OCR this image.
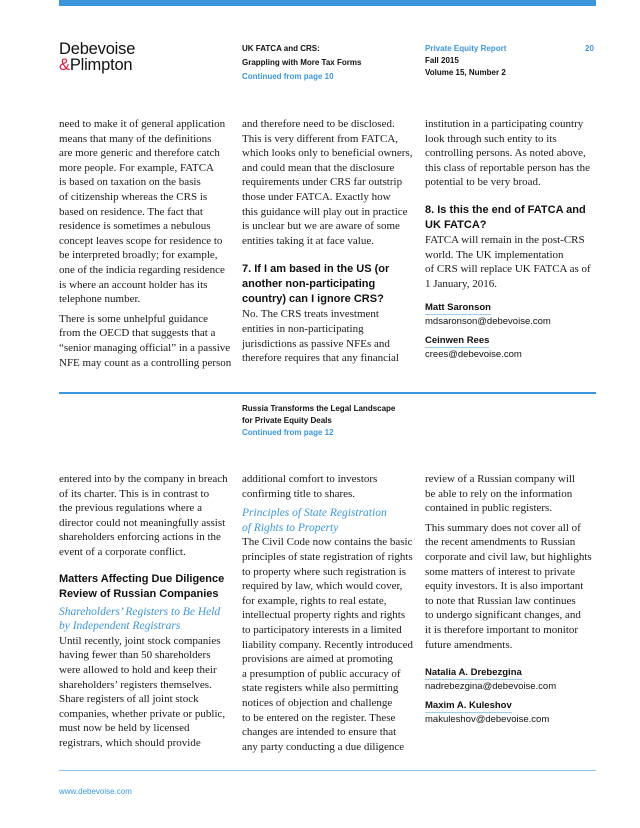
Debevoise
&Plimpton
UK FATCA and CRS:
Grappling with More Tax Forms
Continued from page 10
Private Equity Report
Fall 2015
Volume 15, Number 2
20

need to make it of general application
means that many of the definitions
are more generic and therefore catch
more people. For example, FATCA
is based on taxation on the basis
of citizenship whereas the CRS is
based on residence. The fact that
residence is sometimes a nebulous
concept leaves scope for residence to
be interpreted broadly; for example,
one of the indicia regarding residence
is where an account holder has its
telephone number.

There is some unhelpful guidance
from the OECD that suggests that a
“senior managing official” in a passive
NFE may count as a controlling person

and therefore need to be disclosed.
This is very different from FATCA,
which looks only to beneficial owners,
and could mean that the disclosure
requirements under CRS far outstrip
those under FATCA. Exactly how
this guidance will play out in practice
is unclear but we are aware of some
entities taking it at face value.

7. If I am based in the US (or
another non-participating
country) can I ignore CRS?

No. The CRS treats investment
entities in non-participating
jurisdictions as passive NFEs and
therefore requires that any financial

institution in a participating country
look through such entity to its
controlling persons. As noted above,
this class of reportable person has the
potential to be very broad.

8. Is this the end of FATCA and
UK FATCA?

FATCA will remain in the post-CRS
world. The UK implementation
of CRS will replace UK FATCA as of
1 January, 2016.

Matt Saronson
mdsaronson@debevoise.com
Ceinwen Rees
crees@debevoise.com
Russia Transforms the Legal Landscape
for Private Equity Deals
Continued from page 12

entered into by the company in breach
of its charter. This is in contrast to
the previous regulations where a
director could not meaningfully assist
shareholders enforcing actions in the
event of a corporate conflict.

Matters Affecting Due Diligence
Review of Russian Companies
Shareholders’ Registers to Be Held
by Independent Registrars

Until recently, joint stock companies
having fewer than 50 shareholders
were allowed to hold and keep their
shareholders’ registers themselves.
Share registers of all joint stock
companies, whether private or public,
must now be held by licensed
registrars, which should provide

additional comfort to investors
confirming title to shares.

Principles of State Registration
of Rights to Property

The Civil Code now contains the basic
principles of state registration of rights
to property where such registration is
required by law, which would cover,
for example, rights to real estate,
intellectual property rights and rights
to participatory interests in a limited
liability company. Recently introduced
provisions are aimed at promoting
a presumption of public accuracy of
state registers while also permitting
notices of objection and challenge
to be entered on the register. These
changes are intended to ensure that
any party conducting a due diligence

review of a Russian company will
be able to rely on the information
contained in public registers.

This summary does not cover all of
the recent amendments to Russian
corporate and civil law, but highlights
some matters of interest to private
equity investors. It is also important
to note that Russian law continues
to undergo significant changes, and
it is therefore important to monitor
future amendments.

Natalia A. Drebezgina
nadrebezgina@debevoise.com
Maxim A. Kuleshov
makuleshov@debevoise.com
www.debevoise.com
